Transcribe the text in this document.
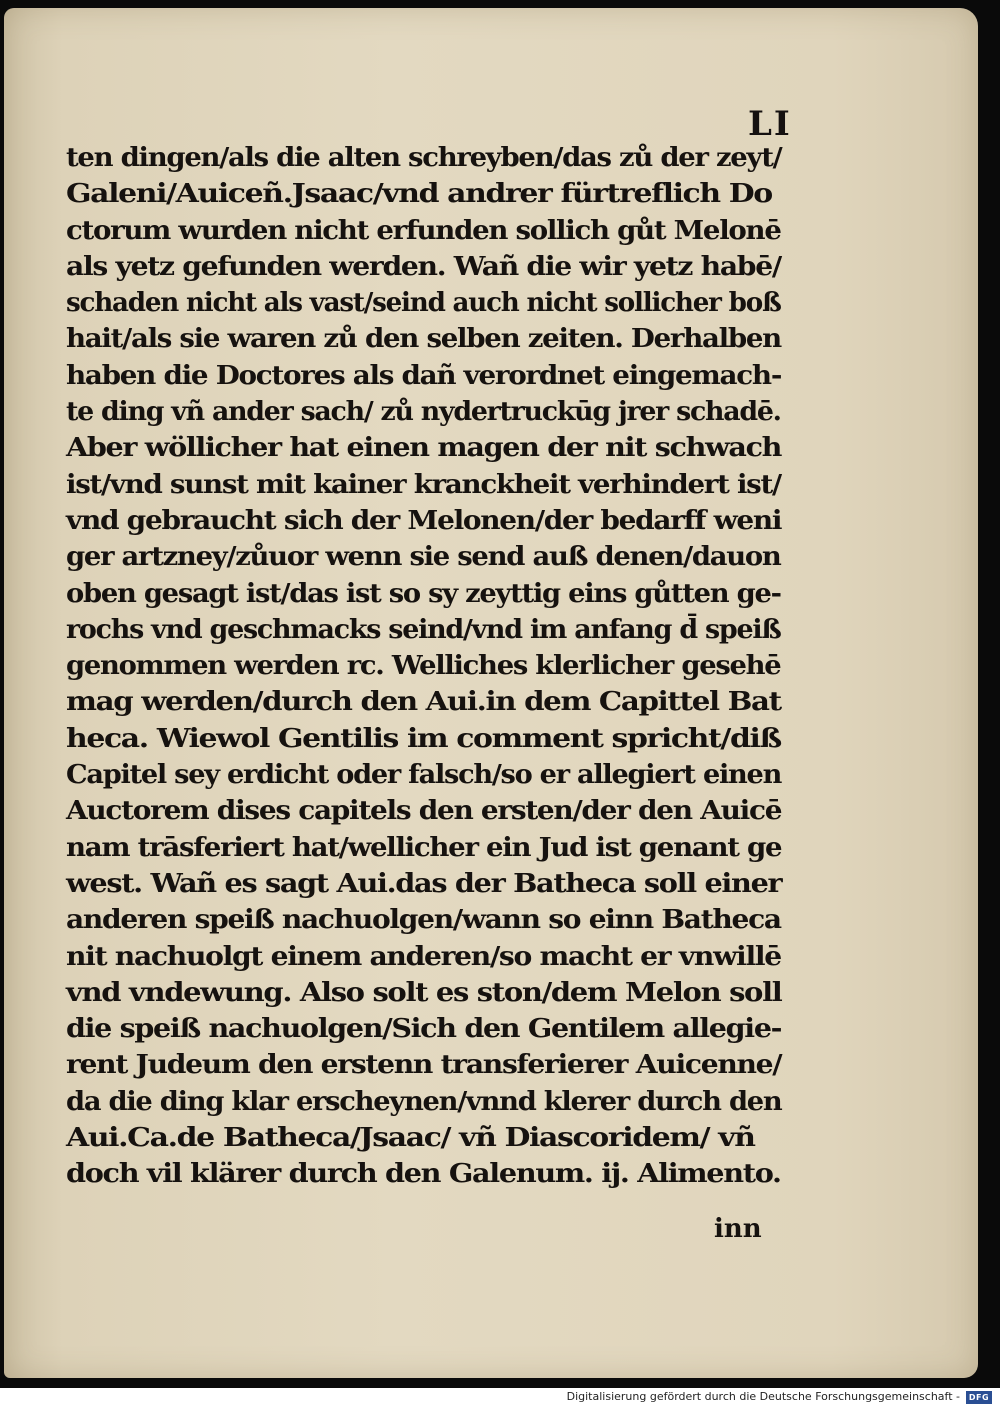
LI
ten dingen/als die alten schreyben/das zů der zeyt/
Galeni/Auiceñ.Jsaac/vnd andrer fürtreflich Do
ctorum wurden nicht erfunden sollich gůt Melonē
als yetz gefunden werden. Wañ die wir yetz habē/
schaden nicht als vast/seind auch nicht sollicher boß
hait/als sie waren zů den selben zeiten. Derhalben
haben die Doctores als dañ verordnet eingemach-
te ding vñ ander sach/ zů nydertruckūg jrer schadē.
Aber wöllicher hat einen magen der nit schwach
ist/vnd sunst mit kainer kranckheit verhindert ist/
vnd gebraucht sich der Melonen/der bedarff weni
ger artzney/zůuor wenn sie send auß denen/dauon
oben gesagt ist/das ist so sy zeyttig eins gůtten ge-
rochs vnd geschmacks seind/vnd im anfang d̄ speiß
genommen werden rc. Welliches klerlicher gesehē
mag werden/durch den Aui.in dem Capittel Bat
heca. Wiewol Gentilis im comment spricht/diß
Capitel sey erdicht oder falsch/so er allegiert einen
Auctorem dises capitels den ersten/der den Auicē
nam trāsferiert hat/wellicher ein Jud ist genant ge
west. Wañ es sagt Aui.das der Batheca soll einer
anderen speiß nachuolgen/wann so einn Batheca
nit nachuolgt einem anderen/so macht er vnwillē
vnd vndewung. Also solt es ston/dem Melon soll
die speiß nachuolgen/Sich den Gentilem allegie-
rent Judeum den erstenn transferierer Auicenne/
da die ding klar erscheynen/vnnd klerer durch den
Aui.Ca.de Batheca/Jsaac/ vñ Diascoridem/ vñ
doch vil klärer durch den Galenum. ij. Alimento.
inn
Digitalisierung gefördert durch die Deutsche Forschungsgemeinschaft -	DFG
